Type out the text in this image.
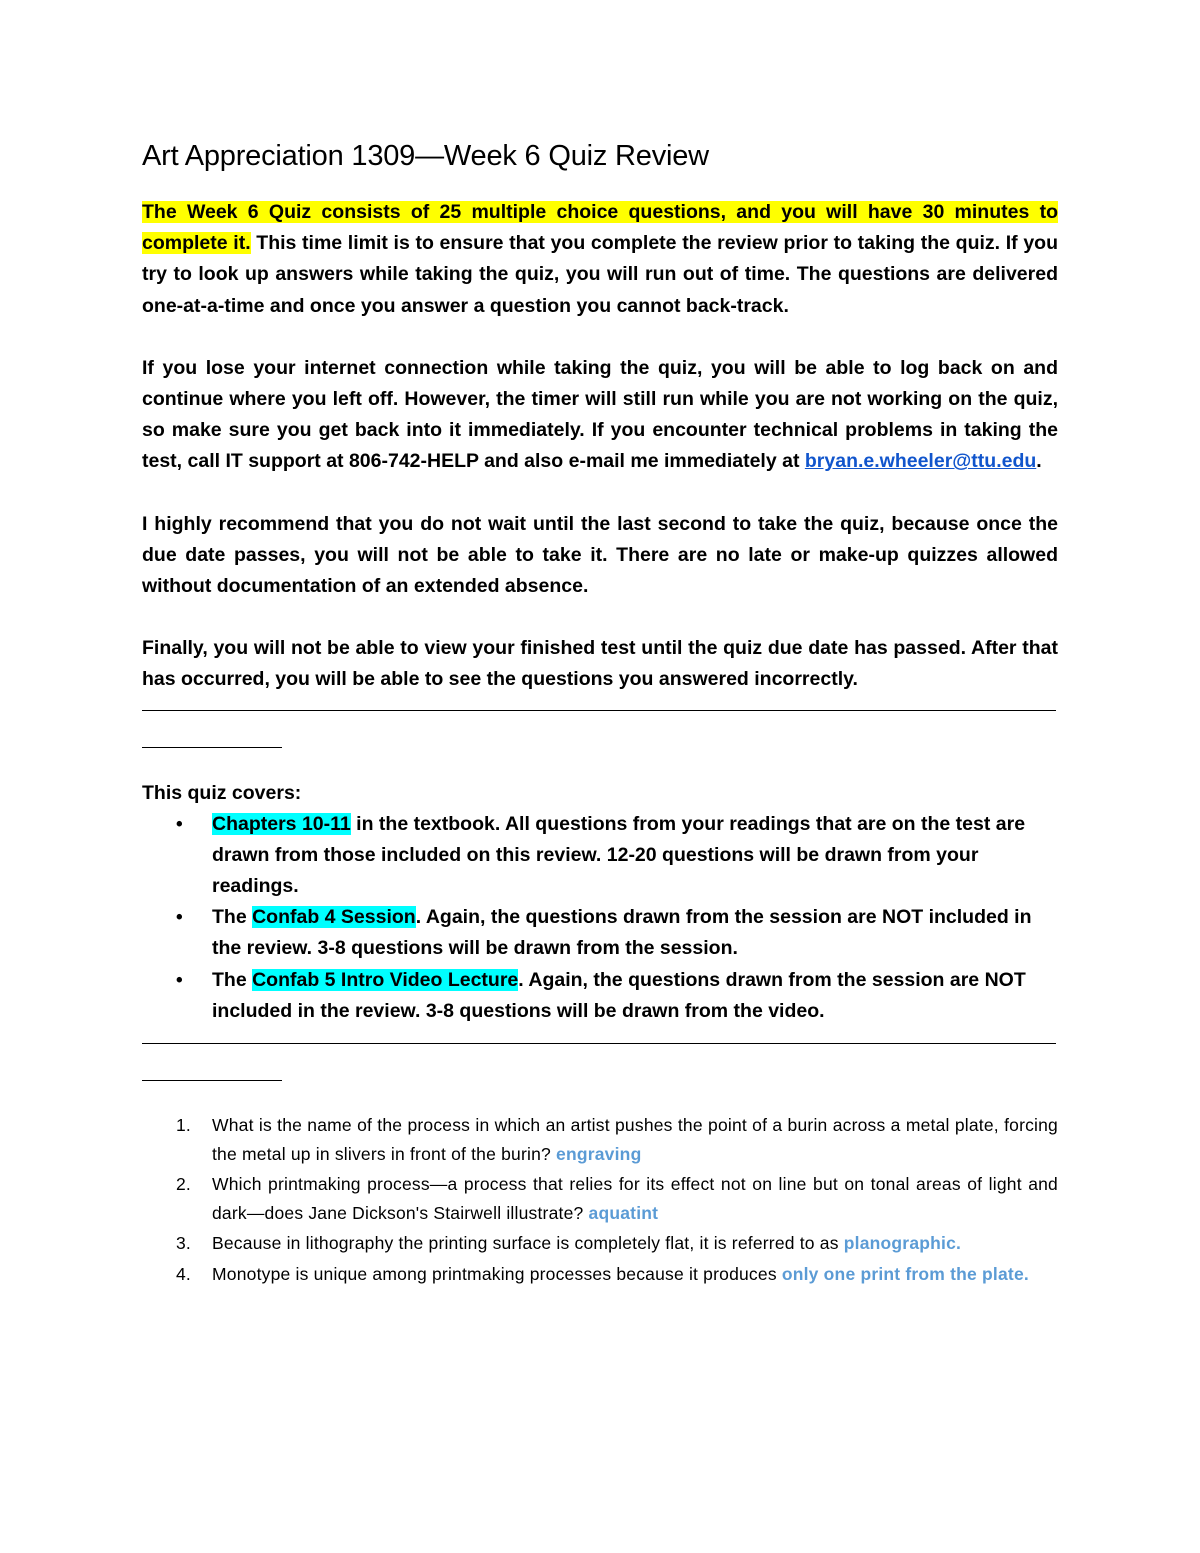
Art Appreciation 1309—Week 6 Quiz Review

The Week 6 Quiz consists of 25 multiple choice questions, and you will have 30 minutes to complete it. This time limit is to ensure that you complete the review prior to taking the quiz. If you try to look up answers while taking the quiz, you will run out of time. The questions are delivered one-at-a-time and once you answer a question you cannot back-track.

If you lose your internet connection while taking the quiz, you will be able to log back on and continue where you left off. However, the timer will still run while you are not working on the quiz, so make sure you get back into it immediately. If you encounter technical problems in taking the test, call IT support at 806-742-HELP and also e-mail me immediately at bryan.e.wheeler@ttu.edu.

I highly recommend that you do not wait until the last second to take the quiz, because once the due date passes, you will not be able to take it. There are no late or make-up quizzes allowed without documentation of an extended absence.

Finally, you will not be able to view your finished test until the quiz due date has passed. After that has occurred, you will be able to see the questions you answered incorrectly.

This quiz covers:
• Chapters 10-11 in the textbook. All questions from your readings that are on the test are drawn from those included on this review. 12-20 questions will be drawn from your readings.
• The Confab 4 Session. Again, the questions drawn from the session are NOT included in the review. 3-8 questions will be drawn from the session.
• The Confab 5 Intro Video Lecture. Again, the questions drawn from the session are NOT included in the review. 3-8 questions will be drawn from the video.
1. What is the name of the process in which an artist pushes the point of a burin across a metal plate, forcing the metal up in slivers in front of the burin? engraving
2. Which printmaking process—a process that relies for its effect not on line but on tonal areas of light and dark—does Jane Dickson's Stairwell illustrate? aquatint
3. Because in lithography the printing surface is completely flat, it is referred to as planographic.
4. Monotype is unique among printmaking processes because it produces only one print from the plate.
